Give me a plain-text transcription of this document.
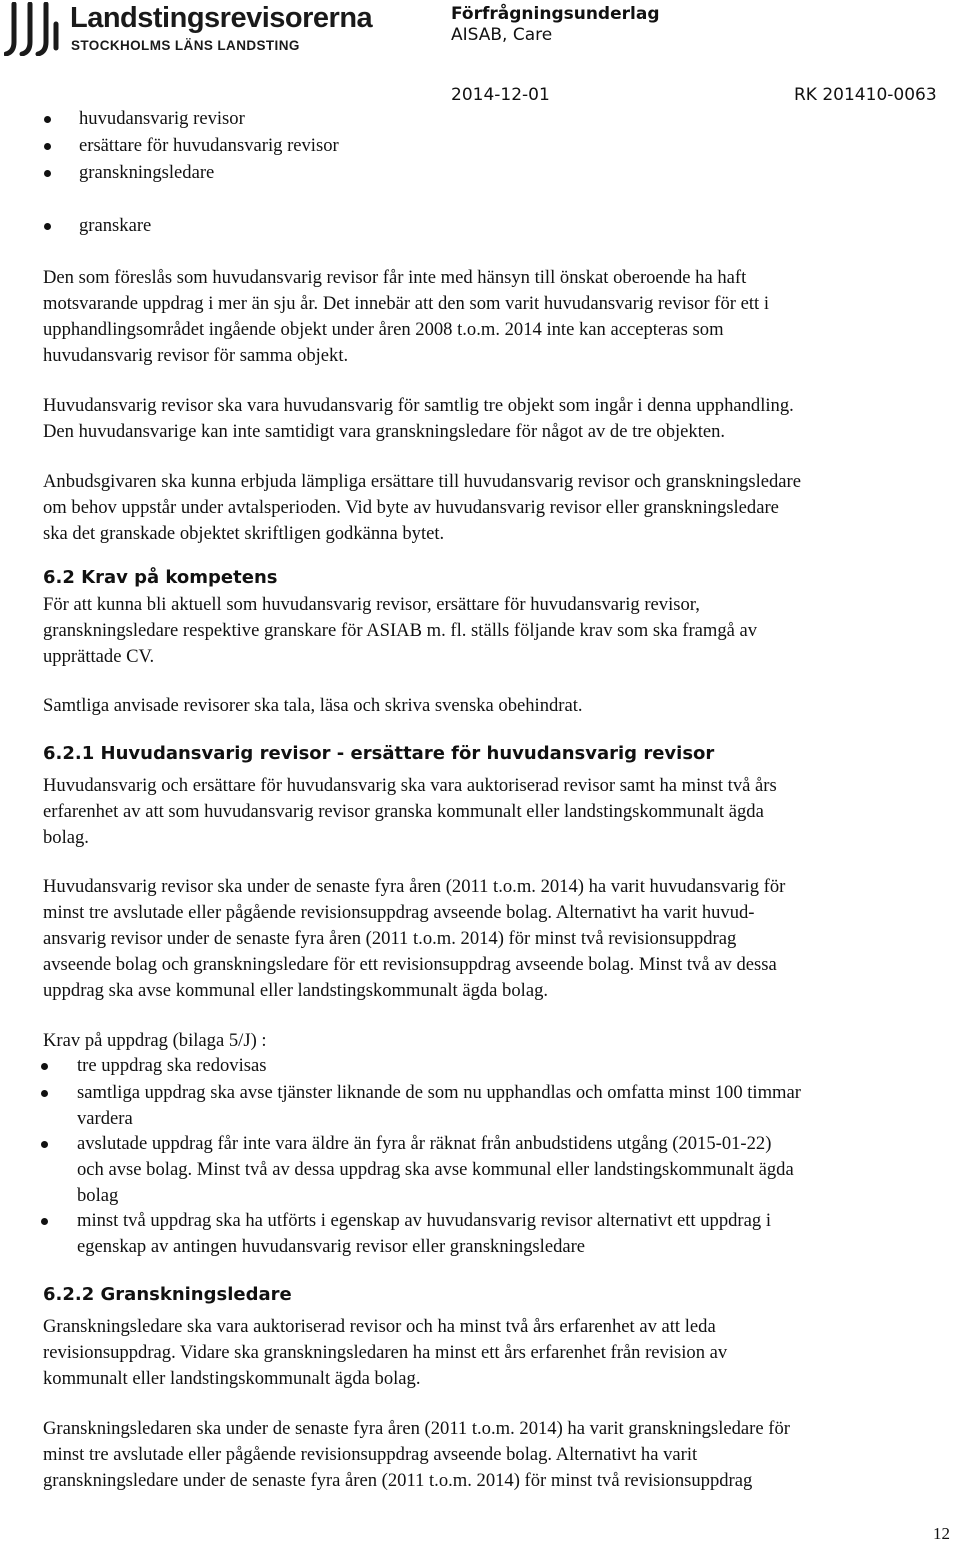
Landstingsrevisorerna
STOCKHOLMS LÄNS LANDSTING
Förfrågningsunderlag
AISAB, Care
2014-12-01	RK 201410-0063
huvudansvarig revisor
ersättare för huvudansvarig revisor
granskningsledare
granskare
Den som föreslås som huvudansvarig revisor får inte med hänsyn till önskat oberoende ha haft
motsvarande uppdrag i mer än sju år. Det innebär att den som varit huvudansvarig revisor för ett i
upphandlingsområdet ingående objekt under åren 2008 t.o.m. 2014 inte kan accepteras som
huvudansvarig revisor för samma objekt.
Huvudansvarig revisor ska vara huvudansvarig för samtlig tre objekt som ingår i denna upphandling.
Den huvudansvarige kan inte samtidigt vara granskningsledare för något av de tre objekten.
Anbudsgivaren ska kunna erbjuda lämpliga ersättare till huvudansvarig revisor och granskningsledare
om behov uppstår under avtalsperioden. Vid byte av huvudansvarig revisor eller granskningsledare
ska det granskade objektet skriftligen godkänna bytet.
6.2 Krav på kompetens
För att kunna bli aktuell som huvudansvarig revisor, ersättare för huvudansvarig revisor,
granskningsledare respektive granskare för ASIAB m. fl. ställs följande krav som ska framgå av
upprättade CV.
Samtliga anvisade revisorer ska tala, läsa och skriva svenska obehindrat.
6.2.1 Huvudansvarig revisor - ersättare för huvudansvarig revisor
Huvudansvarig och ersättare för huvudansvarig ska vara auktoriserad revisor samt ha minst två års
erfarenhet av att som huvudansvarig revisor granska kommunalt eller landstingskommunalt ägda
bolag.
Huvudansvarig revisor ska under de senaste fyra åren (2011 t.o.m. 2014) ha varit huvudansvarig för
minst tre avslutade eller pågående revisionsuppdrag avseende bolag. Alternativt ha varit huvud-
ansvarig revisor under de senaste fyra åren (2011 t.o.m. 2014) för minst två revisionsuppdrag
avseende bolag och granskningsledare för ett revisionsuppdrag avseende bolag. Minst två av dessa
uppdrag ska avse kommunal eller landstingskommunalt ägda bolag.
Krav på uppdrag (bilaga 5/J) :
tre uppdrag ska redovisas
samtliga uppdrag ska avse tjänster liknande de som nu upphandlas och omfatta minst 100 timmar
vardera
avslutade uppdrag får inte vara äldre än fyra år räknat från anbudstidens utgång (2015-01-22)
och avse bolag. Minst två av dessa uppdrag ska avse kommunal eller landstingskommunalt ägda
bolag
minst två uppdrag ska ha utförts i egenskap av huvudansvarig revisor alternativt ett uppdrag i
egenskap av antingen huvudansvarig revisor eller granskningsledare
6.2.2 Granskningsledare
Granskningsledare ska vara auktoriserad revisor och ha minst två års erfarenhet av att leda
revisionsuppdrag. Vidare ska granskningsledaren ha minst ett års erfarenhet från revision av
kommunalt eller landstingskommunalt ägda bolag.
Granskningsledaren ska under de senaste fyra åren (2011 t.o.m. 2014) ha varit granskningsledare för
minst tre avslutade eller pågående revisionsuppdrag avseende bolag. Alternativt ha varit
granskningsledare under de senaste fyra åren (2011 t.o.m. 2014) för minst två revisionsuppdrag
12
